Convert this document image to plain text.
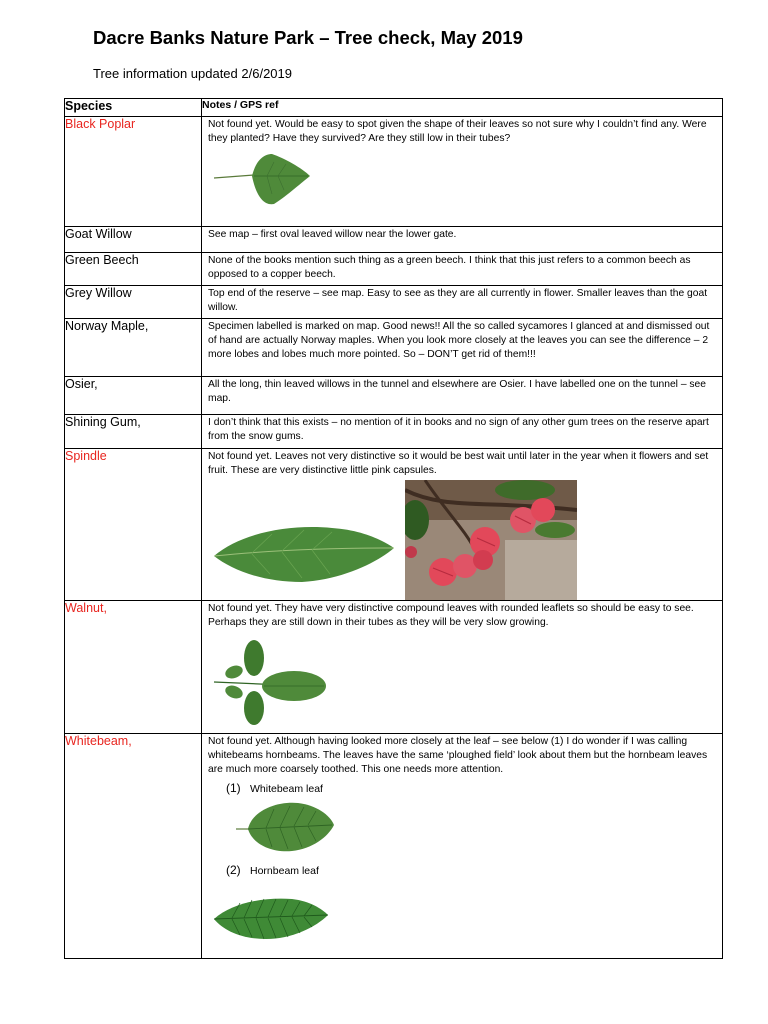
Dacre Banks Nature Park – Tree check, May 2019
Tree information updated 2/6/2019
Species	Notes / GPS ref
Black Poplar	Not found yet. Would be easy to spot given the shape of their leaves so not sure why I couldn’t find any. Were they planted? Have they survived? Are they still low in their tubes?

Goat Willow	See map – first oval leaved willow near the lower gate.

Green Beech	None of the books mention such thing as a green beech. I think that this just refers to a common beech as opposed to a copper beech.

Grey Willow	Top end of the reserve – see map. Easy to see as they are all currently in flower. Smaller leaves than the goat willow.

Norway Maple,	Specimen labelled is marked on map. Good news!! All the so called sycamores I glanced at and dismissed out of hand are actually Norway maples. When you look more closely at the leaves you can see the difference – 2 more lobes and lobes much more pointed. So – DON’T get rid of them!!!

Osier,	All the long, thin leaved willows in the tunnel and elsewhere are Osier. I have labelled one on the tunnel – see map.

Shining Gum,	I don’t think that this exists – no mention of it in books and no sign of any other gum trees on the reserve apart from the snow gums.

Spindle	Not found yet. Leaves not very distinctive so it would be best wait until later in the year when it flowers and set fruit. These are very distinctive little pink capsules.

Walnut,	Not found yet. They have very distinctive compound leaves with rounded leaflets so should be easy to see. Perhaps they are still down in their tubes as they will be very slow growing.

Whitebeam,	Not found yet. Although having looked more closely at the leaf – see below (1) I do wonder if I was calling whitebeams hornbeams. The leaves have the same ‘ploughed field’ look about them but the hornbeam leaves are much more coarsely toothed. This one needs more attention.
(1) Whitebeam leaf
(2) Hornbeam leaf
